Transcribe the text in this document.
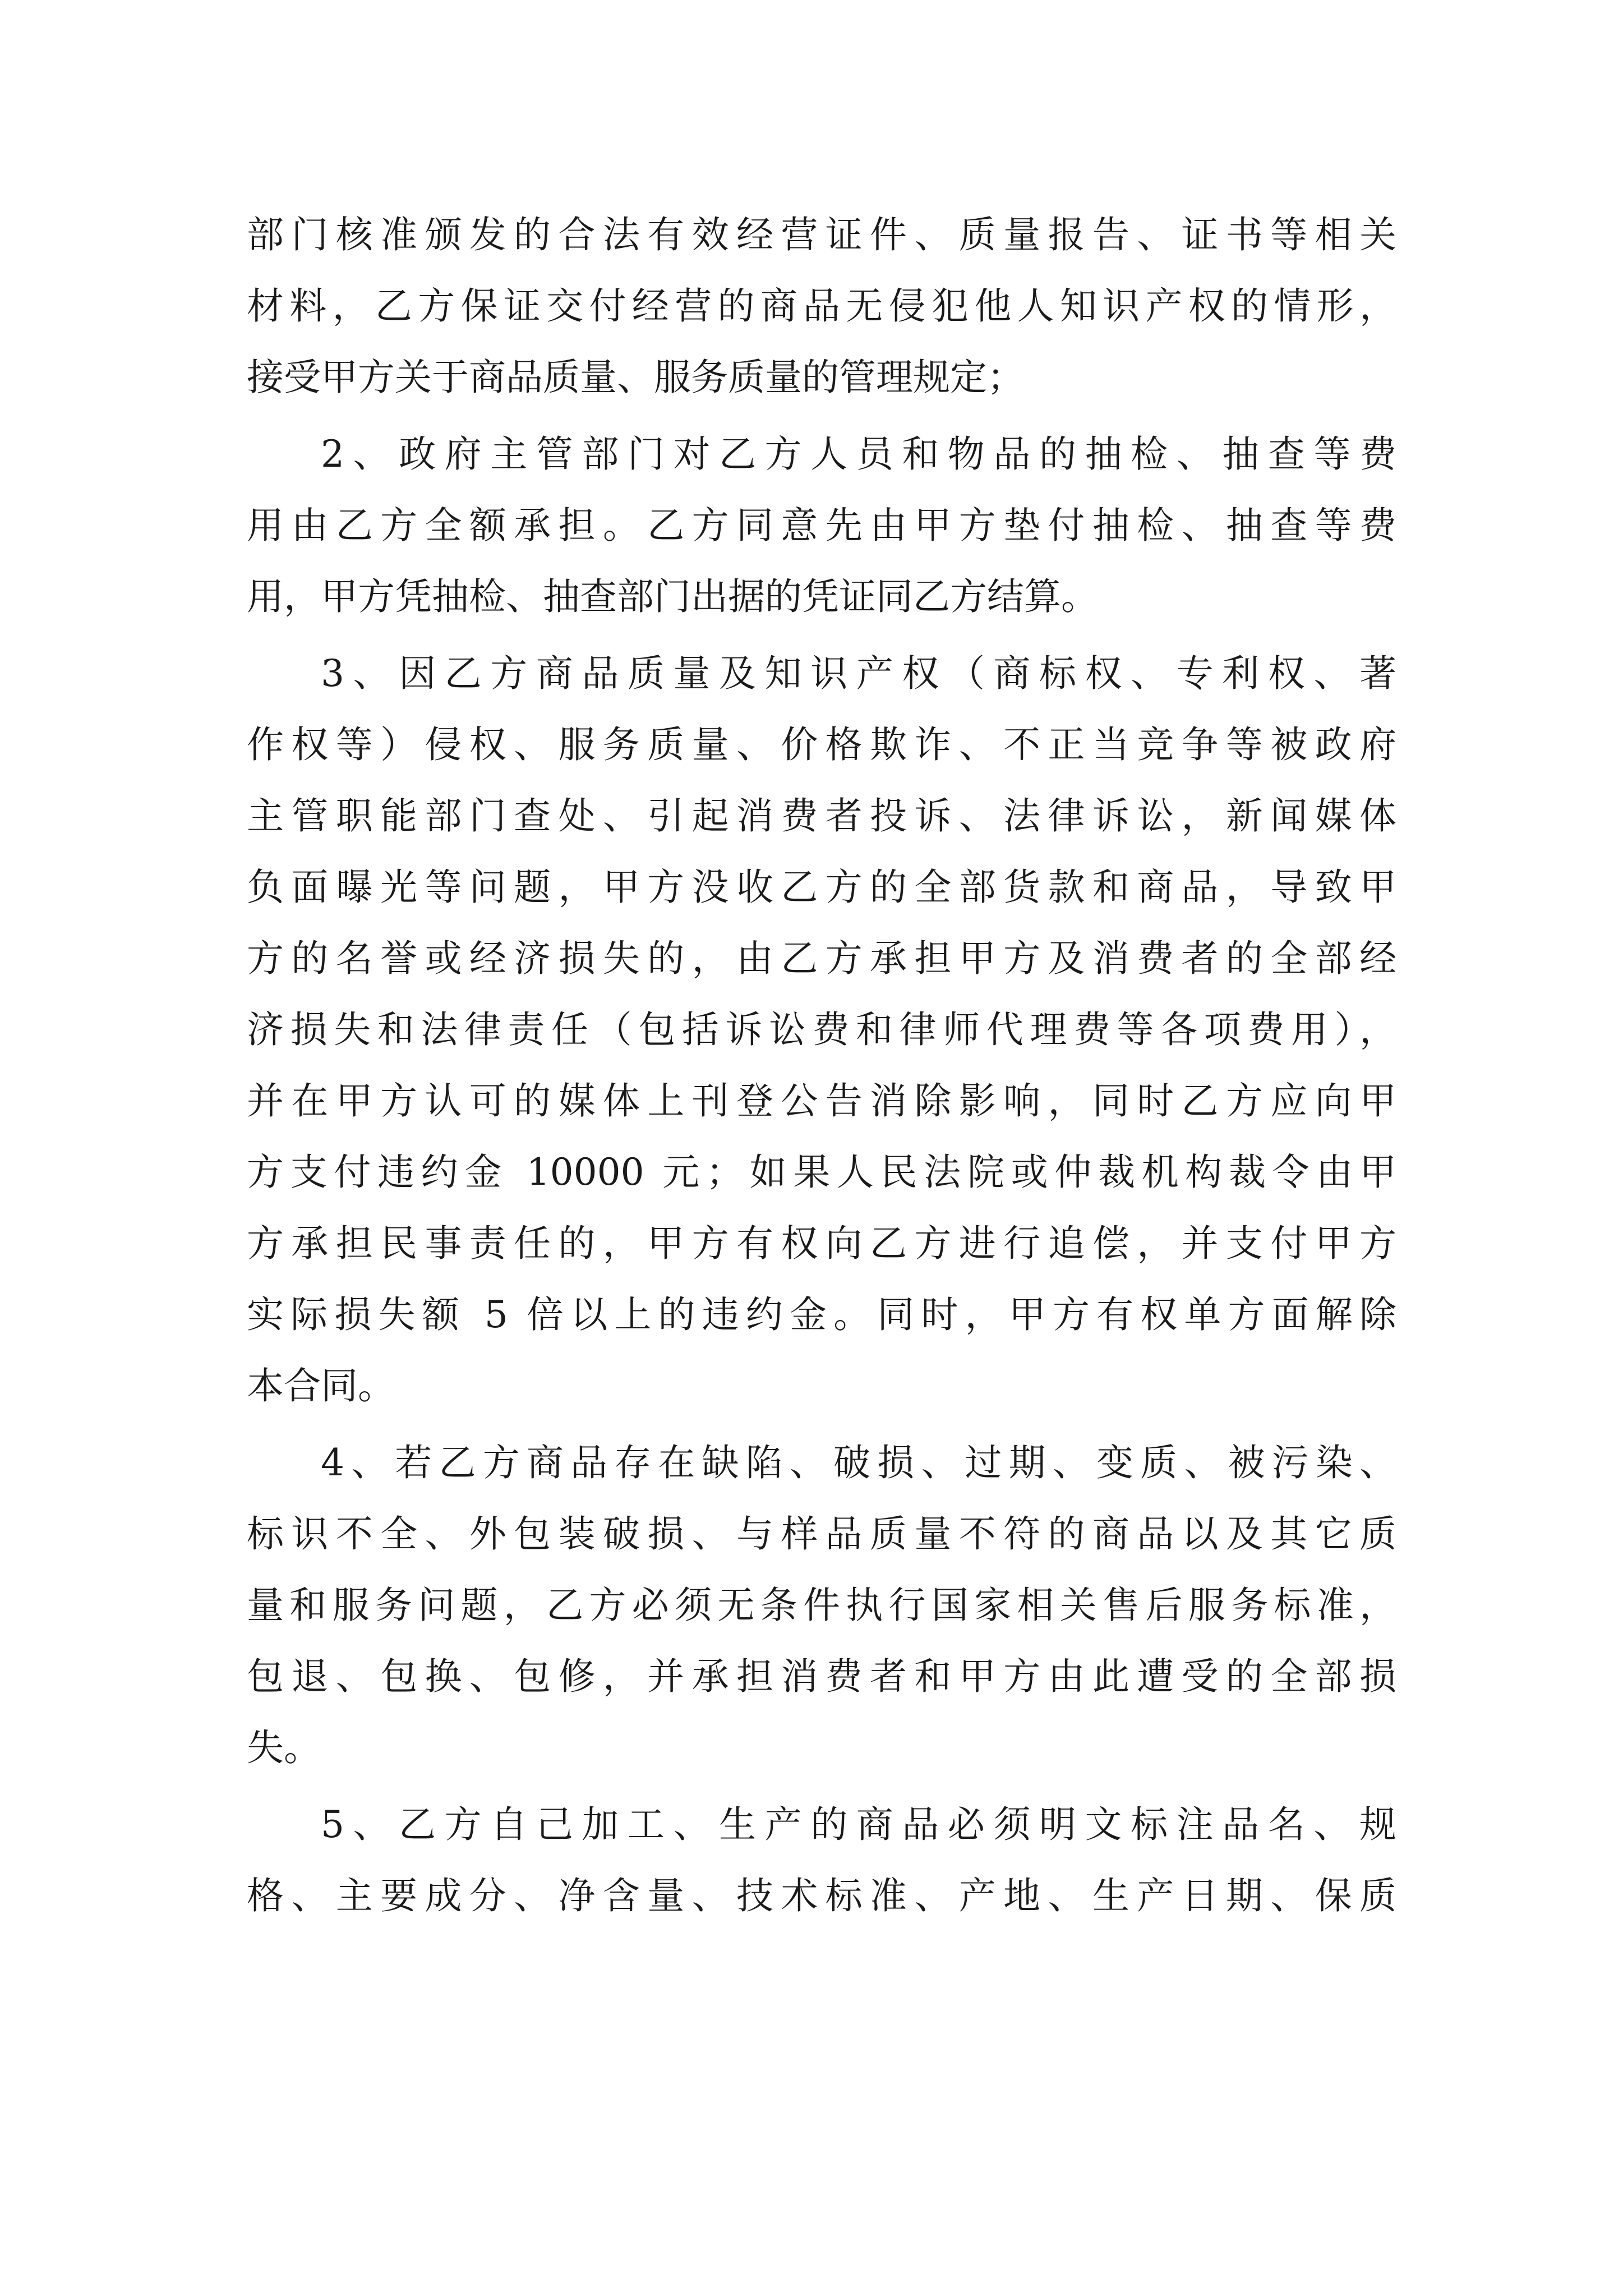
部门核准颁发的合法有效经营证件、质量报告、证书等相关
材料，乙方保证交付经营的商品无侵犯他人知识产权的情形，
接受甲方关于商品质量、服务质量的管理规定；
2、政府主管部门对乙方人员和物品的抽检、抽查等费
用由乙方全额承担。乙方同意先由甲方垫付抽检、抽查等费
用，甲方凭抽检、抽查部门出据的凭证同乙方结算。
3、因乙方商品质量及知识产权（商标权、专利权、著
作权等）侵权、服务质量、价格欺诈、不正当竞争等被政府
主管职能部门查处、引起消费者投诉、法律诉讼，新闻媒体
负面曝光等问题，甲方没收乙方的全部货款和商品，导致甲
方的名誉或经济损失的，由乙方承担甲方及消费者的全部经
济损失和法律责任（包括诉讼费和律师代理费等各项费用），
并在甲方认可的媒体上刊登公告消除影响，同时乙方应向甲
方支付违约金 10000 元；如果人民法院或仲裁机构裁令由甲
方承担民事责任的，甲方有权向乙方进行追偿，并支付甲方
实际损失额 5 倍以上的违约金。同时，甲方有权单方面解除
本合同。
4、若乙方商品存在缺陷、破损、过期、变质、被污染、
标识不全、外包装破损、与样品质量不符的商品以及其它质
量和服务问题，乙方必须无条件执行国家相关售后服务标准，
包退、包换、包修，并承担消费者和甲方由此遭受的全部损
失。
5、乙方自己加工、生产的商品必须明文标注品名、规
格、主要成分、净含量、技术标准、产地、生产日期、保质
